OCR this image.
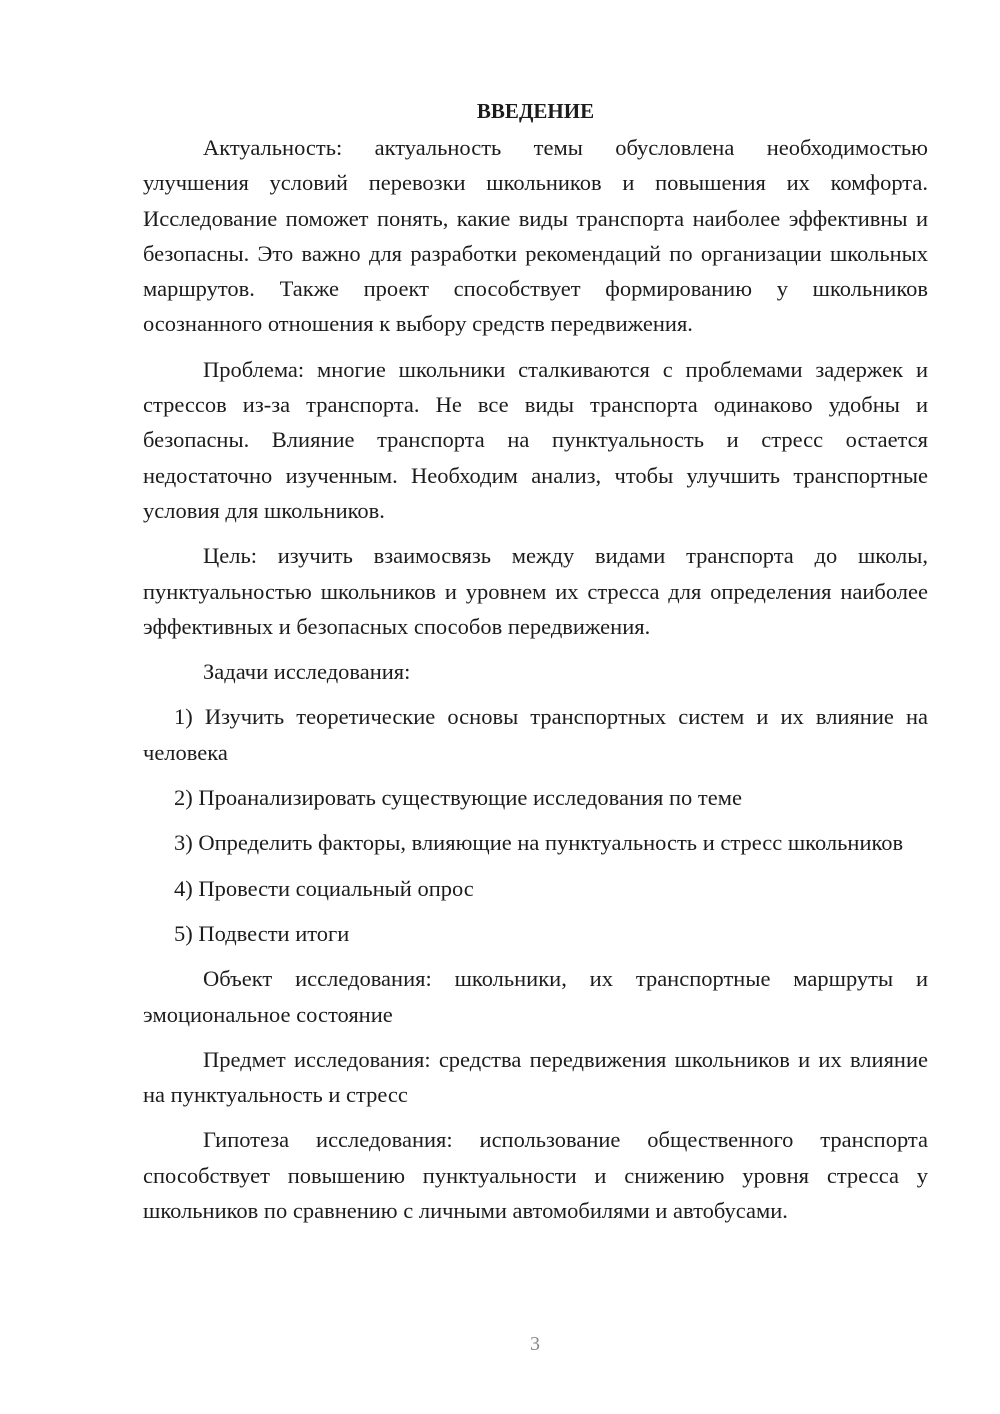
ВВЕДЕНИЕ

Актуальность: актуальность темы обусловлена необходимостью улучшения условий перевозки школьников и повышения их комфорта. Исследование поможет понять, какие виды транспорта наиболее эффективны и безопасны. Это важно для разработки рекомендаций по организации школьных маршрутов. Также проект способствует формированию у школьников осознанного отношения к выбору средств передвижения.

Проблема: многие школьники сталкиваются с проблемами задержек и стрессов из-за транспорта. Не все виды транспорта одинаково удобны и безопасны. Влияние транспорта на пунктуальность и стресс остается недостаточно изученным. Необходим анализ, чтобы улучшить транспортные условия для школьников.

Цель: изучить взаимосвязь между видами транспорта до школы, пунктуальностью школьников и уровнем их стресса для определения наиболее эффективных и безопасных способов передвижения.

Задачи исследования:

1) Изучить теоретические основы транспортных систем и их влияние на человека

2) Проанализировать существующие исследования по теме

3) Определить факторы, влияющие на пунктуальность и стресс школьников

4) Провести социальный опрос

5) Подвести итоги

Объект исследования: школьники, их транспортные маршруты и эмоциональное состояние

Предмет исследования: средства передвижения школьников и их влияние на пунктуальность и стресс

Гипотеза исследования: использование общественного транспорта способствует повышению пунктуальности и снижению уровня стресса у школьников по сравнению с личными автомобилями и автобусами.

3
